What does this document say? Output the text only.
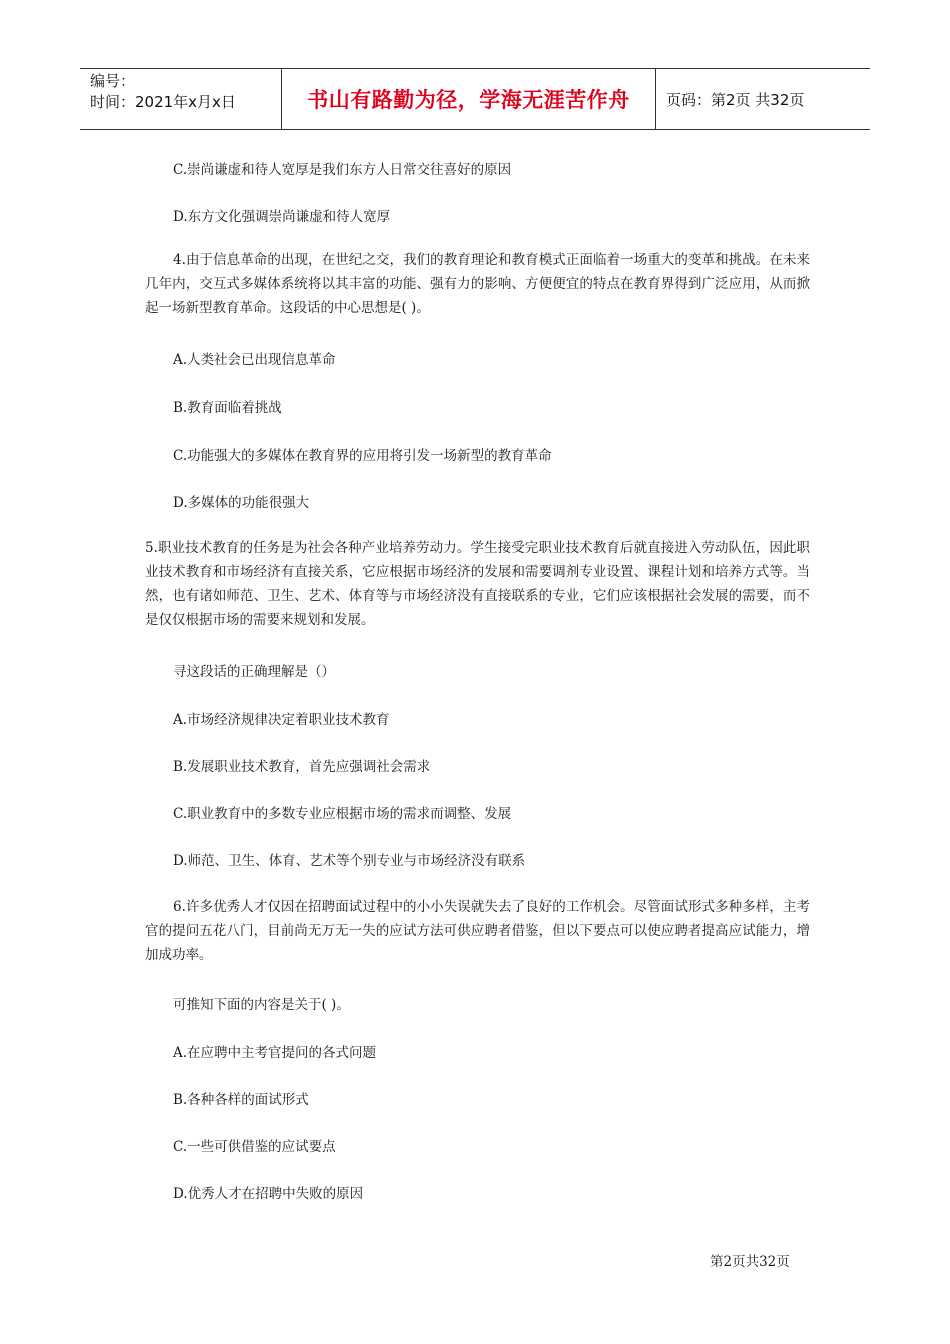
编号：
时间：2021年x月x日	书山有路勤为径，学海无涯苦作舟	页码：第2页 共32页
C.崇尚谦虚和待人宽厚是我们东方人日常交往喜好的原因
D.东方文化强调崇尚谦虚和待人宽厚
4.由于信息革命的出现，在世纪之交，我们的教育理论和教育模式正面临着一场重大的变革和挑战。在未来几年内，交互式多媒体系统将以其丰富的功能、强有力的影响、方便便宜的特点在教育界得到广泛应用，从而掀起一场新型教育革命。这段话的中心思想是( )。
A.人类社会已出现信息革命
B.教育面临着挑战
C.功能强大的多媒体在教育界的应用将引发一场新型的教育革命
D.多媒体的功能很强大
5.职业技术教育的任务是为社会各种产业培养劳动力。学生接受完职业技术教育后就直接进入劳动队伍，因此职业技术教育和市场经济有直接关系，它应根据市场经济的发展和需要调剂专业设置、课程计划和培养方式等。当然，也有诸如师范、卫生、艺术、体育等与市场经济没有直接联系的专业，它们应该根据社会发展的需要，而不是仅仅根据市场的需要来规划和发展。
寻这段话的正确理解是（）
A.市场经济规律决定着职业技术教育
B.发展职业技术教育，首先应强调社会需求
C.职业教育中的多数专业应根据市场的需求而调整、发展
D.师范、卫生、体育、艺术等个别专业与市场经济没有联系
6.许多优秀人才仅因在招聘面试过程中的小小失误就失去了良好的工作机会。尽管面试形式多种多样，主考官的提问五花八门，目前尚无万无一失的应试方法可供应聘者借鉴，但以下要点可以使应聘者提高应试能力，增加成功率。
可推知下面的内容是关于( )。
A.在应聘中主考官提问的各式问题
B.各种各样的面试形式
C.一些可供借鉴的应试要点
D.优秀人才在招聘中失败的原因
第2页共32页
